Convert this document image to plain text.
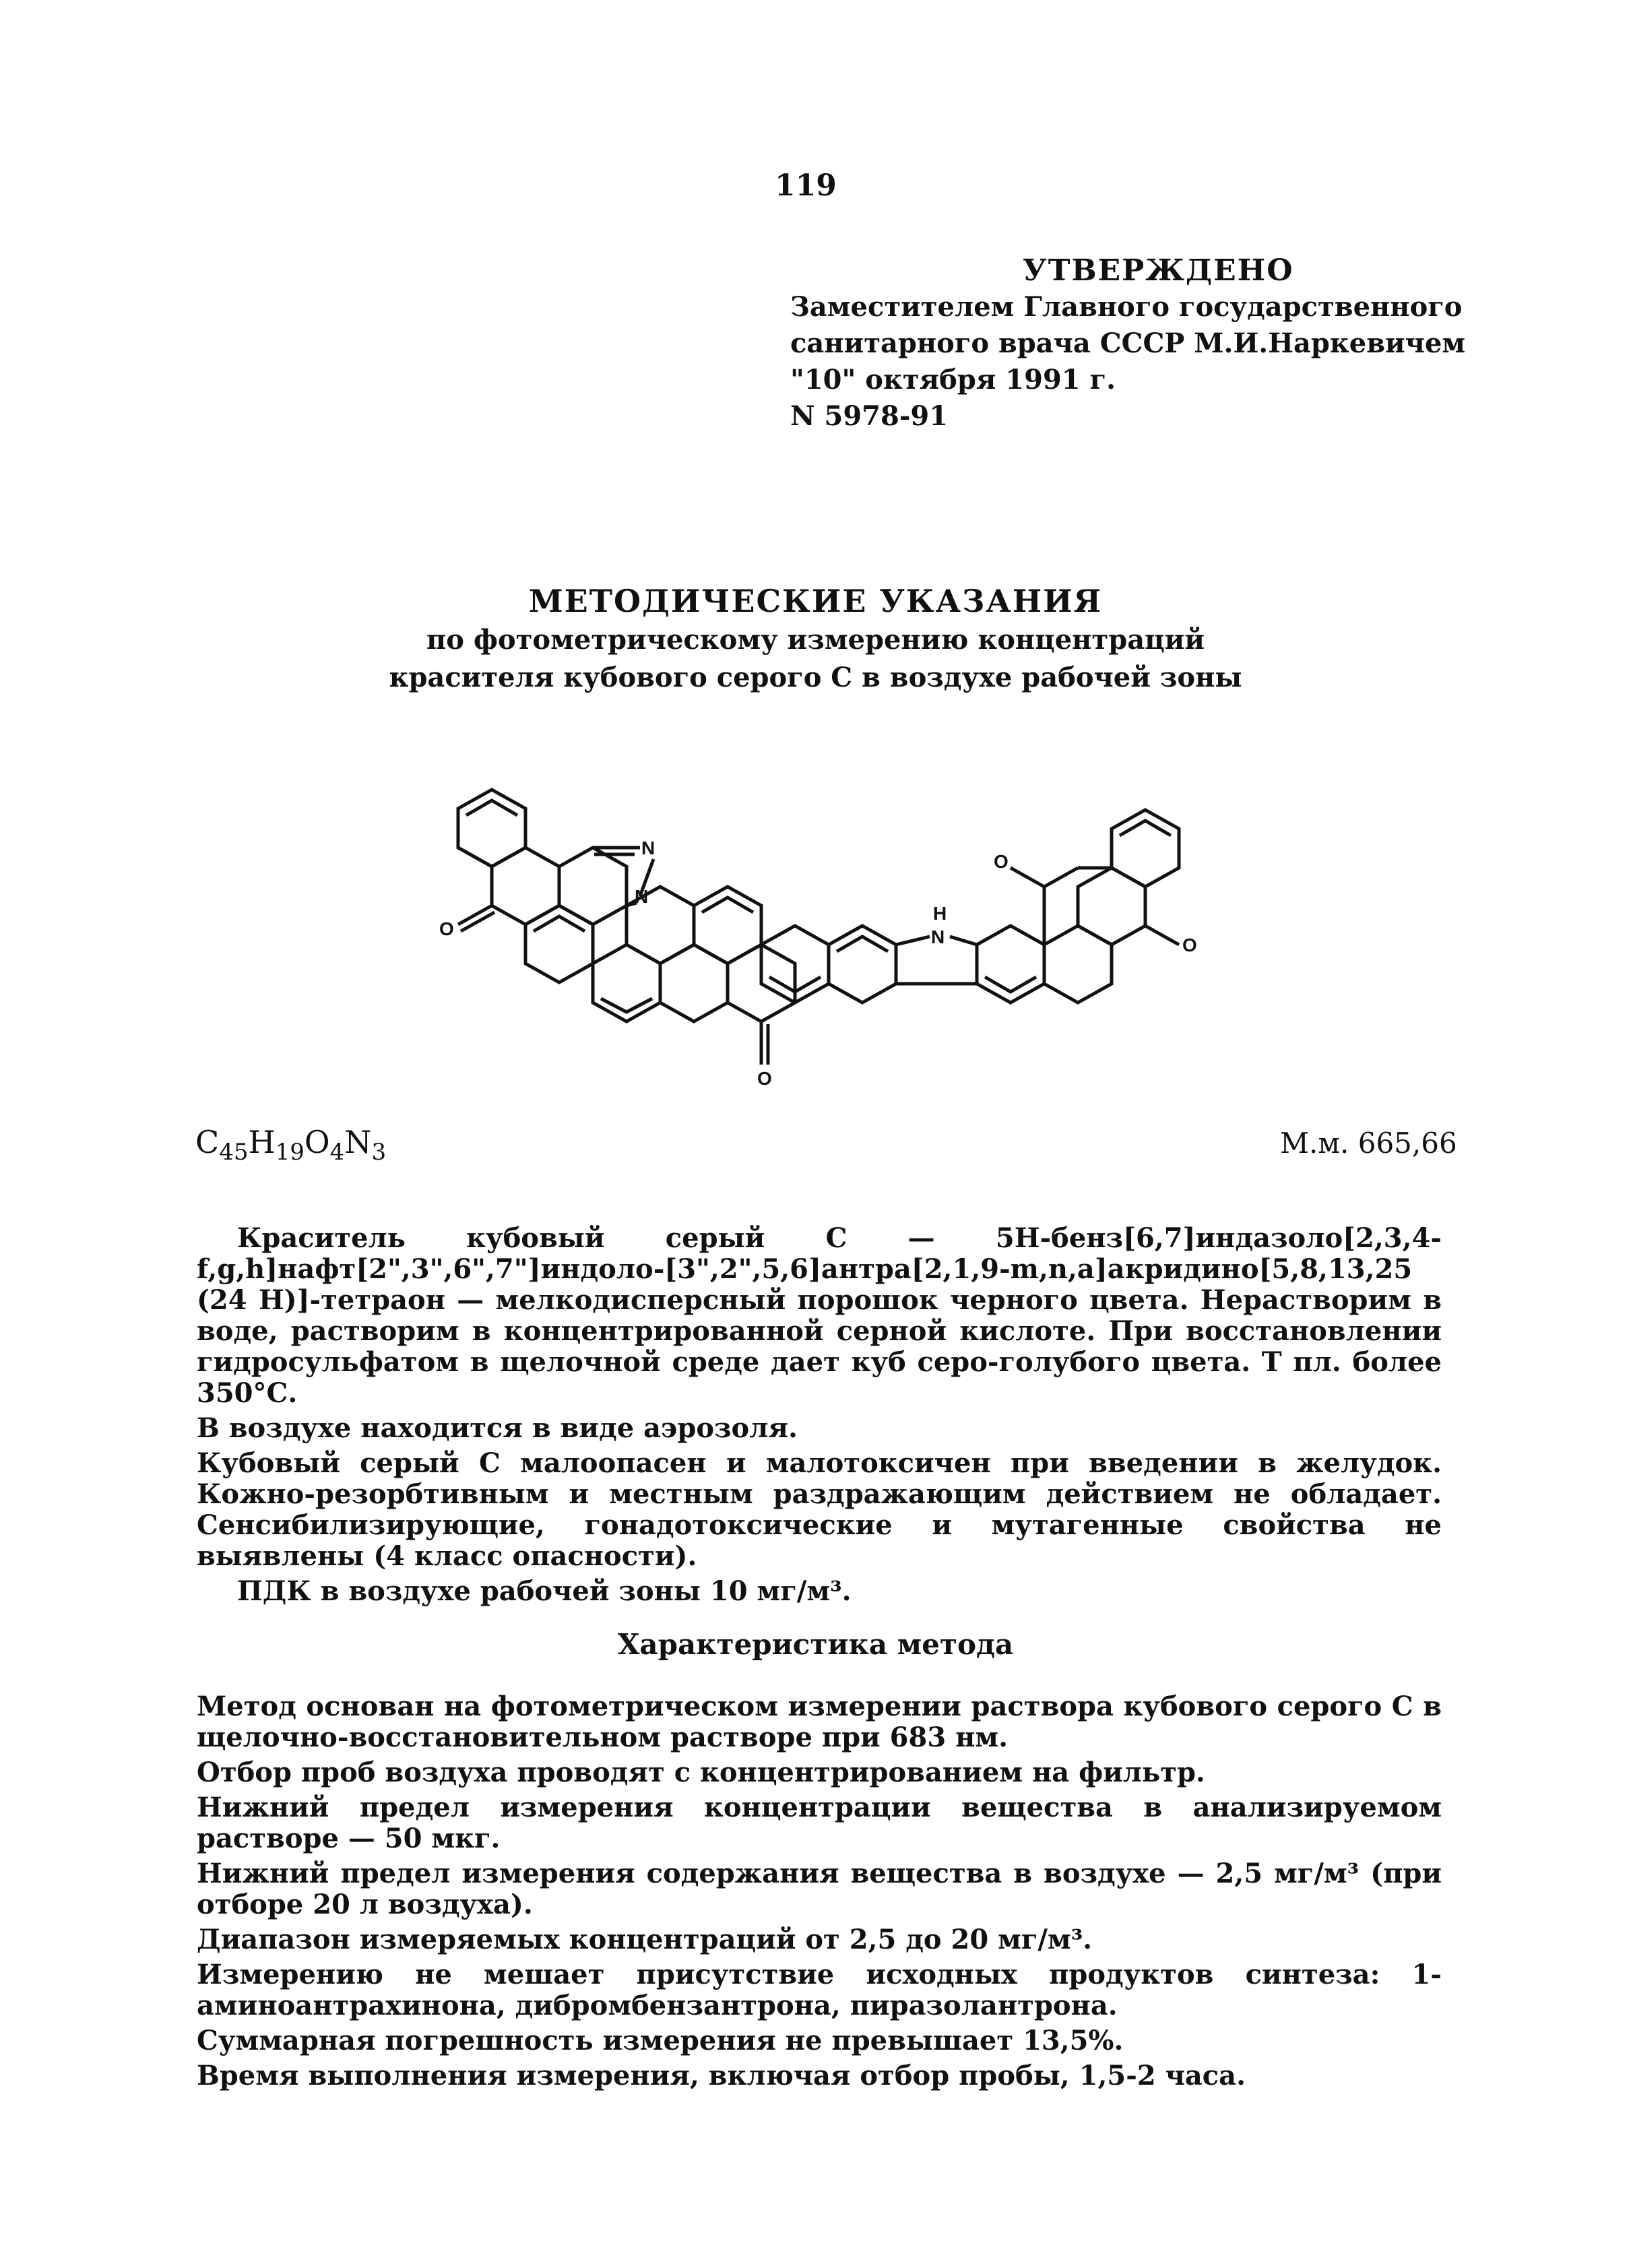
119
УТВЕРЖДЕНО
Заместителем Главного государственного
санитарного врача СССР М.И.Наркевичем
"10" октября 1991 г.
N 5978-91
МЕТОДИЧЕСКИЕ УКАЗАНИЯ
по фотометрическому измерению концентраций
красителя кубового серого С в воздухе рабочей зоны
N
N
H
N
O
O
O
O
$C_{45}H_{19}O_4N_3$	М.м. 665,66

Краситель кубовый серый С — 5Н-бенз[6,7]индазоло[2,3,4-f,g,h]нафт[2",3",6",7"]индоло-[3",2",5,6]антра[2,1,9-m,n,a]акридино[5,8,13,25 (24 Н)]-тетраон — мелкодисперсный порошок черного цвета. Нерастворим в воде, растворим в концентрированной серной кислоте. При восстановлении гидросульфатом в щелочной среде дает куб серо-голубого цвета. Т пл. более 350°С.

В воздухе находится в виде аэрозоля.

Кубовый серый С малоопасен и малотоксичен при введении в желудок. Кожно-резорбтивным и местным раздражающим действием не обладает. Сенсибилизирующие, гонадотоксические и мутагенные свойства не выявлены (4 класс опасности).

ПДК в воздухе рабочей зоны 10 мг/м³.

Характеристика метода

Метод основан на фотометрическом измерении раствора кубового серого С в щелочно-восстановительном растворе при 683 нм.

Отбор проб воздуха проводят с концентрированием на фильтр.

Нижний предел измерения концентрации вещества в анализируемом растворе — 50 мкг.

Нижний предел измерения содержания вещества в воздухе — 2,5 мг/м³ (при отборе 20 л воздуха).

Диапазон измеряемых концентраций от 2,5 до 20 мг/м³.

Измерению не мешает присутствие исходных продуктов синтеза: 1-аминоантрахинона, дибромбензантрона, пиразолантрона.

Суммарная погрешность измерения не превышает 13,5%.

Время выполнения измерения, включая отбор пробы, 1,5-2 часа.
